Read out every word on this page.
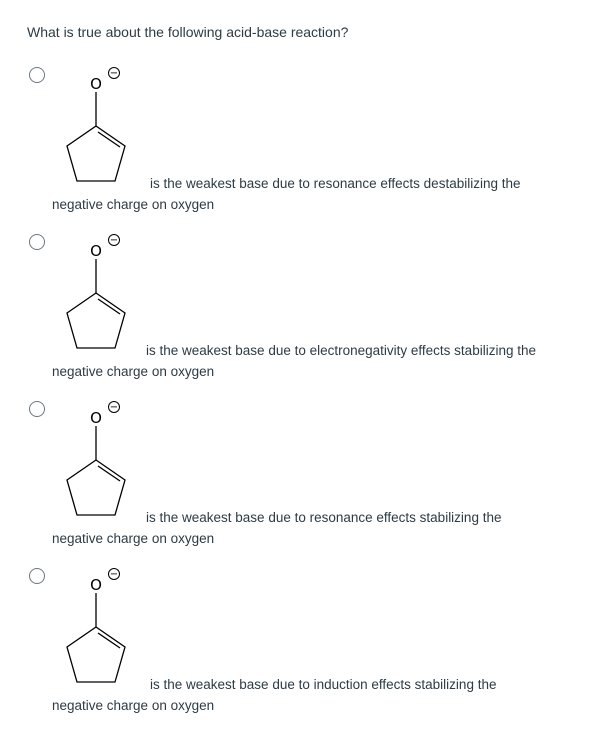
What is true about the following acid-base reaction?
−
O
is the weakest base due to resonance effects destabilizing the
negative charge on oxygen
−
O
is the weakest base due to electronegativity effects stabilizing the
negative charge on oxygen
−
O
is the weakest base due to resonance effects stabilizing the
negative charge on oxygen
−
O
is the weakest base due to induction effects stabilizing the
negative charge on oxygen
